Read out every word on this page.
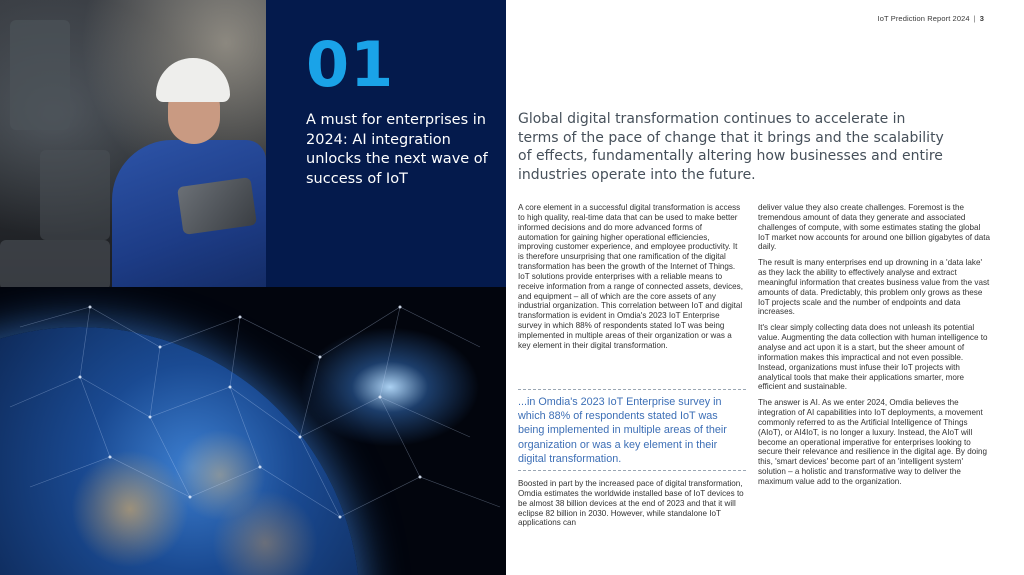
01
A must for enterprises in 2024: AI integration unlocks the next wave of success of IoT
IoT Prediction Report 2024 | 3
Global digital transformation continues to accelerate in terms of the pace of change that it brings and the scalability of effects, fundamentally altering how businesses and entire industries operate into the future.

A core element in a successful digital transformation is access to high quality, real-time data that can be used to make better informed decisions and do more advanced forms of automation for gaining higher operational efficiencies, improving customer experience, and employee productivity. It is therefore unsurprising that one ramification of the digital transformation has been the growth of the Internet of Things. IoT solutions provide enterprises with a reliable means to receive information from a range of connected assets, devices, and equipment – all of which are the core assets of any industrial organization. This correlation between IoT and digital transformation is evident in Omdia's 2023 IoT Enterprise survey in which 88% of respondents stated IoT was being implemented in multiple areas of their organization or was a key element in their digital transformation.

...in Omdia's 2023 IoT Enterprise survey in which 88% of respondents stated IoT was being implemented in multiple areas of their organization or was a key element in their digital transformation.

Boosted in part by the increased pace of digital transformation, Omdia estimates the worldwide installed base of IoT devices to be almost 38 billion devices at the end of 2023 and that it will eclipse 82 billion in 2030. However, while standalone IoT applications can

deliver value they also create challenges. Foremost is the tremendous amount of data they generate and associated challenges of compute, with some estimates stating the global IoT market now accounts for around one billion gigabytes of data daily.

The result is many enterprises end up drowning in a 'data lake' as they lack the ability to effectively analyse and extract meaningful information that creates business value from the vast amounts of data. Predictably, this problem only grows as these IoT projects scale and the number of endpoints and data increases.

It's clear simply collecting data does not unleash its potential value. Augmenting the data collection with human intelligence to analyse and act upon it is a start, but the sheer amount of information makes this impractical and not even possible. Instead, organizations must infuse their IoT projects with analytical tools that make their applications smarter, more efficient and sustainable.

The answer is AI. As we enter 2024, Omdia believes the integration of AI capabilities into IoT deployments, a movement commonly referred to as the Artificial Intelligence of Things (AIoT), or AI4IoT, is no longer a luxury. Instead, the AIoT will become an operational imperative for enterprises looking to secure their relevance and resilience in the digital age. By doing this, 'smart devices' become part of an 'intelligent system' solution – a holistic and transformative way to deliver the maximum value add to the organization.
